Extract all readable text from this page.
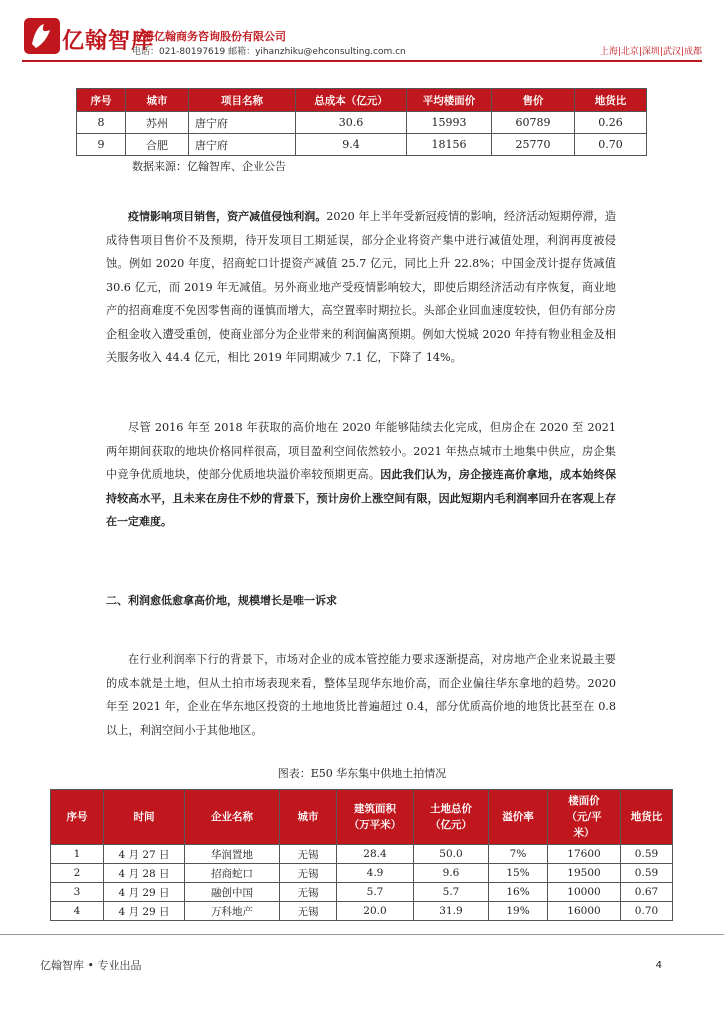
亿翰智库
上海亿翰商务咨询股份有限公司
电话：021-80197619 邮箱：yihanzhiku@ehconsulting.com.cn	上海|北京|深圳|武汉|成都
序号	城市	项目名称	总成本（亿元）	平均楼面价	售价	地货比
8	苏州	唐宁府	30.6	15993	60789	0.26
9	合肥	唐宁府	9.4	18156	25770	0.70
数据来源：亿翰智库、企业公告

疫情影响项目销售，资产减值侵蚀利润。2020 年上半年受新冠疫情的影响，经济活动短期停滞，造成待售项目售价不及预期，待开发项目工期延误，部分企业将资产集中进行减值处理，利润再度被侵蚀。例如 2020 年度，招商蛇口计提资产减值 25.7 亿元，同比上升 22.8%；中国金茂计提存货减值 30.6 亿元，而 2019 年无减值。另外商业地产受疫情影响较大，即使后期经济活动有序恢复，商业地产的招商难度不免因零售商的谨慎而增大，高空置率时期拉长。头部企业回血速度较快，但仍有部分房企租金收入遭受重创，使商业部分为企业带来的利润偏离预期。例如大悦城 2020 年持有物业租金及相关服务收入 44.4 亿元，相比 2019 年同期减少 7.1 亿，下降了 14%。

尽管 2016 年至 2018 年获取的高价地在 2020 年能够陆续去化完成，但房企在 2020 至 2021 两年期间获取的地块价格同样很高，项目盈利空间依然较小。2021 年热点城市土地集中供应，房企集中竞争优质地块，使部分优质地块溢价率较预期更高。因此我们认为，房企接连高价拿地，成本始终保持较高水平，且未来在房住不炒的背景下，预计房价上涨空间有限，因此短期内毛利润率回升在客观上存在一定难度。

二、利润愈低愈拿高价地，规模增长是唯一诉求

在行业利润率下行的背景下，市场对企业的成本管控能力要求逐渐提高，对房地产企业来说最主要的成本就是土地，但从土拍市场表现来看，整体呈现华东地价高，而企业偏往华东拿地的趋势。2020 年至 2021 年，企业在华东地区投资的土地地货比普遍超过 0.4，部分优质高价地的地货比甚至在 0.8 以上，利润空间小于其他地区。

图表：E50 华东集中供地土拍情况
序号	时间	企业名称	城市	建筑面积
（万平米）	土地总价
（亿元）	溢价率	楼面价
（元/平
米）	地货比
1	4 月 27 日	华润置地	无锡	28.4	50.0	7%	17600	0.59
2	4 月 28 日	招商蛇口	无锡	4.9	9.6	15%	19500	0.59
3	4 月 29 日	融创中国	无锡	5.7	5.7	16%	10000	0.67
4	4 月 29 日	万科地产	无锡	20.0	31.9	19%	16000	0.70
亿翰智库 • 专业出品	4
